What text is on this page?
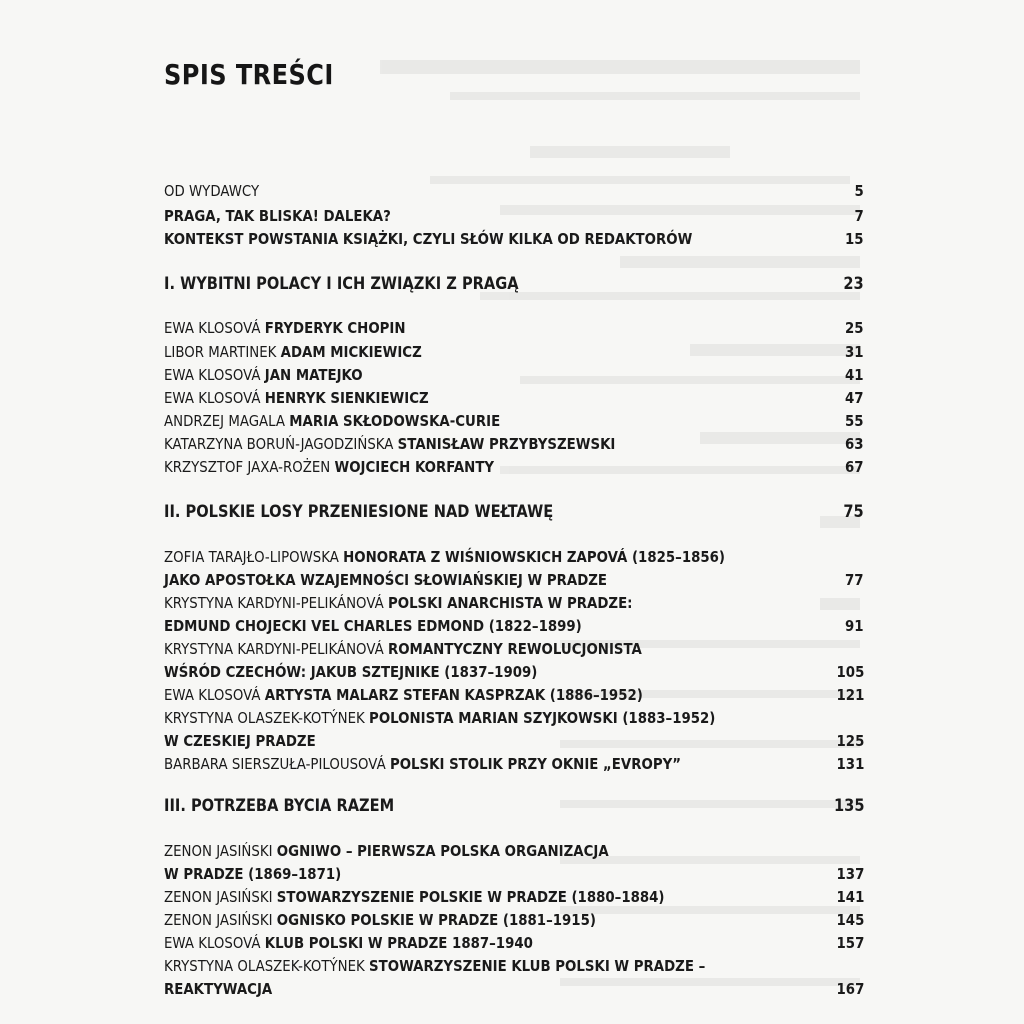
SPIS TREŚCI
OD WYDAWCY	5
PRAGA, TAK BLISKA! DALEKA?	7
KONTEKST POWSTANIA KSIĄŻKI, CZYLI SŁÓW KILKA OD REDAKTORÓW	15
I. WYBITNI POLACY I ICH ZWIĄZKI Z PRAGĄ	23
EWA KLOSOVÁ FRYDERYK CHOPIN	25
LIBOR MARTINEK ADAM MICKIEWICZ	31
EWA KLOSOVÁ JAN MATEJKO	41
EWA KLOSOVÁ HENRYK SIENKIEWICZ	47
ANDRZEJ MAGALA MARIA SKŁODOWSKA-CURIE	55
KATARZYNA BORUŃ-JAGODZIŃSKA STANISŁAW PRZYBYSZEWSKI	63
KRZYSZTOF JAXA-ROŻEN WOJCIECH KORFANTY	67
II. POLSKIE LOSY PRZENIESIONE NAD WEŁTAWĘ	75
ZOFIA TARAJŁO-LIPOWSKA HONORATA Z WIŚNIOWSKICH ZAPOVÁ (1825–1856)
JAKO APOSTOŁKA WZAJEMNOŚCI SŁOWIAŃSKIEJ W PRADZE	77
KRYSTYNA KARDYNI-PELIKÁNOVÁ POLSKI ANARCHISTA W PRADZE:
EDMUND CHOJECKI VEL CHARLES EDMOND (1822–1899)	91
KRYSTYNA KARDYNI-PELIKÁNOVÁ ROMANTYCZNY REWOLUCJONISTA
WŚRÓD CZECHÓW: JAKUB SZTEJNIKE (1837–1909)	105
EWA KLOSOVÁ ARTYSTA MALARZ STEFAN KASPRZAK (1886–1952)	121
KRYSTYNA OLASZEK-KOTÝNEK POLONISTA MARIAN SZYJKOWSKI (1883–1952)
W CZESKIEJ PRADZE	125
BARBARA SIERSZUŁA-PILOUSOVÁ POLSKI STOLIK PRZY OKNIE „EVROPY”	131
III. POTRZEBA BYCIA RAZEM	135
ZENON JASIŃSKI OGNIWO – PIERWSZA POLSKA ORGANIZACJA
W PRADZE (1869–1871)	137
ZENON JASIŃSKI STOWARZYSZENIE POLSKIE W PRADZE (1880–1884)	141
ZENON JASIŃSKI OGNISKO POLSKIE W PRADZE (1881–1915)	145
EWA KLOSOVÁ KLUB POLSKI W PRADZE 1887–1940	157
KRYSTYNA OLASZEK-KOTÝNEK STOWARZYSZENIE KLUB POLSKI W PRADZE –
REAKTYWACJA	167
